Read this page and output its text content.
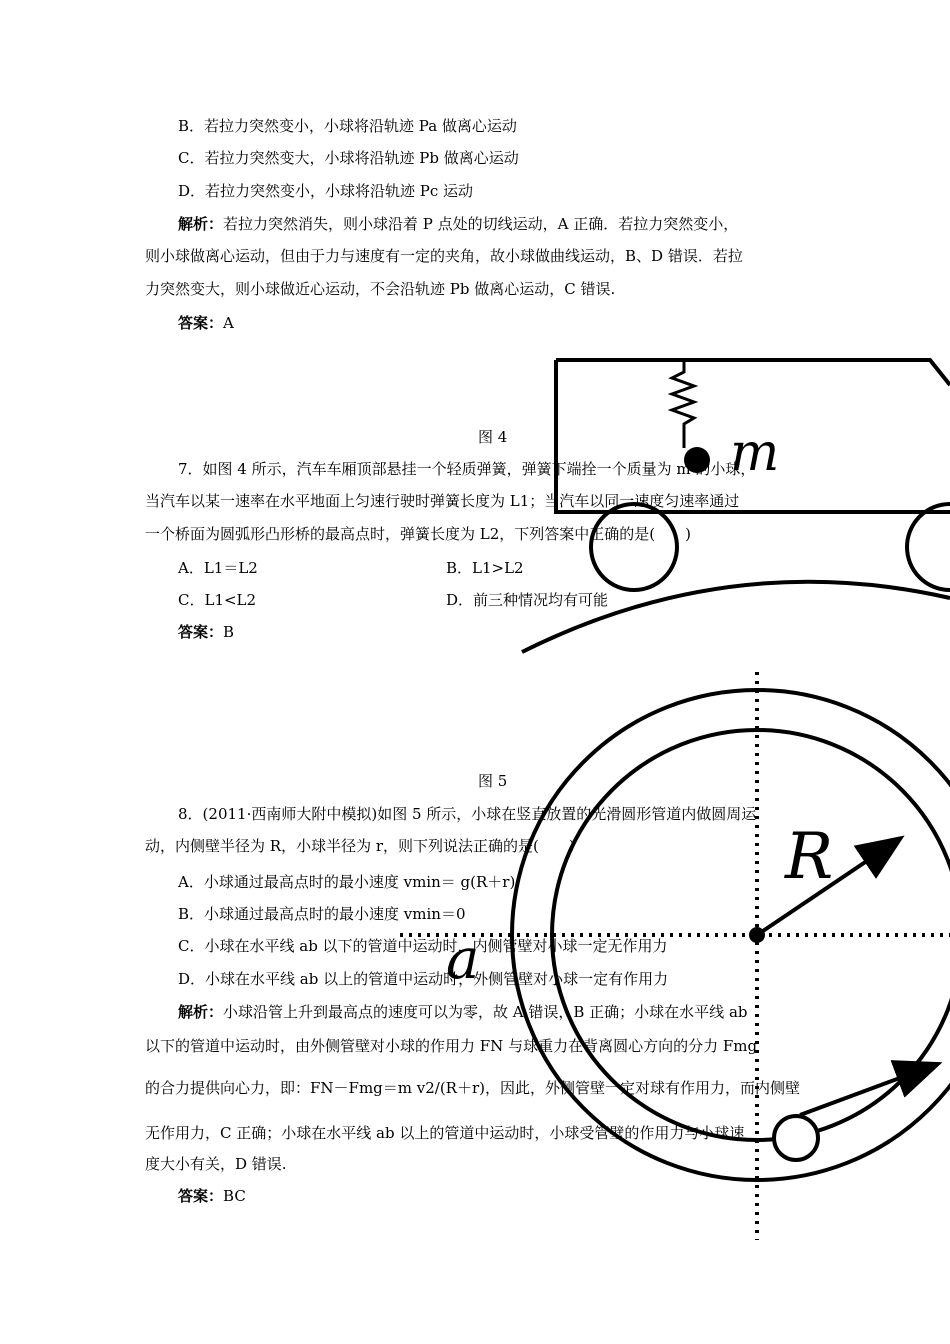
B．若拉力突然变小，小球将沿轨迹 Pa 做离心运动
C．若拉力突然变大，小球将沿轨迹 Pb 做离心运动
D．若拉力突然变小，小球将沿轨迹 Pc 运动
解析：若拉力突然消失，则小球沿着 P 点处的切线运动，A 正确．若拉力突然变小，
则小球做离心运动，但由于力与速度有一定的夹角，故小球做曲线运动，B、D 错误．若拉
力突然变大，则小球做近心运动，不会沿轨迹 Pb 做离心运动，C 错误.
答案：A
m
图 4
7．如图 4 所示，汽车车厢顶部悬挂一个轻质弹簧，弹簧下端拴一个质量为 m 的小球，
当汽车以某一速率在水平地面上匀速行驶时弹簧长度为 L1；当汽车以同一速度匀速率通过
一个桥面为圆弧形凸形桥的最高点时，弹簧长度为 L2，下列答案中正确的是(　　)
A．L1＝L2	B．L1>L2
C．L1<L2	D．前三种情况均有可能
答案：B
R
a
图 5
8．(2011·西南师大附中模拟)如图 5 所示，小球在竖直放置的光滑圆形管道内做圆周运
动，内侧壁半径为 R，小球半径为 r，则下列说法正确的是(　　)
A．小球通过最高点时的最小速度 vmin＝ g(R＋r)
B．小球通过最高点时的最小速度 vmin＝0
C．小球在水平线 ab 以下的管道中运动时，内侧管壁对小球一定无作用力
D．小球在水平线 ab 以上的管道中运动时，外侧管壁对小球一定有作用力
解析：小球沿管上升到最高点的速度可以为零，故 A 错误，B 正确；小球在水平线 ab
以下的管道中运动时，由外侧管壁对小球的作用力 FN 与球重力在背离圆心方向的分力 Fmg
的合力提供向心力，即：FN－Fmg＝m v2/(R＋r)，因此，外侧管壁一定对球有作用力，而内侧壁
无作用力，C 正确；小球在水平线 ab 以上的管道中运动时，小球受管壁的作用力与小球速
度大小有关，D 错误.
答案：BC
